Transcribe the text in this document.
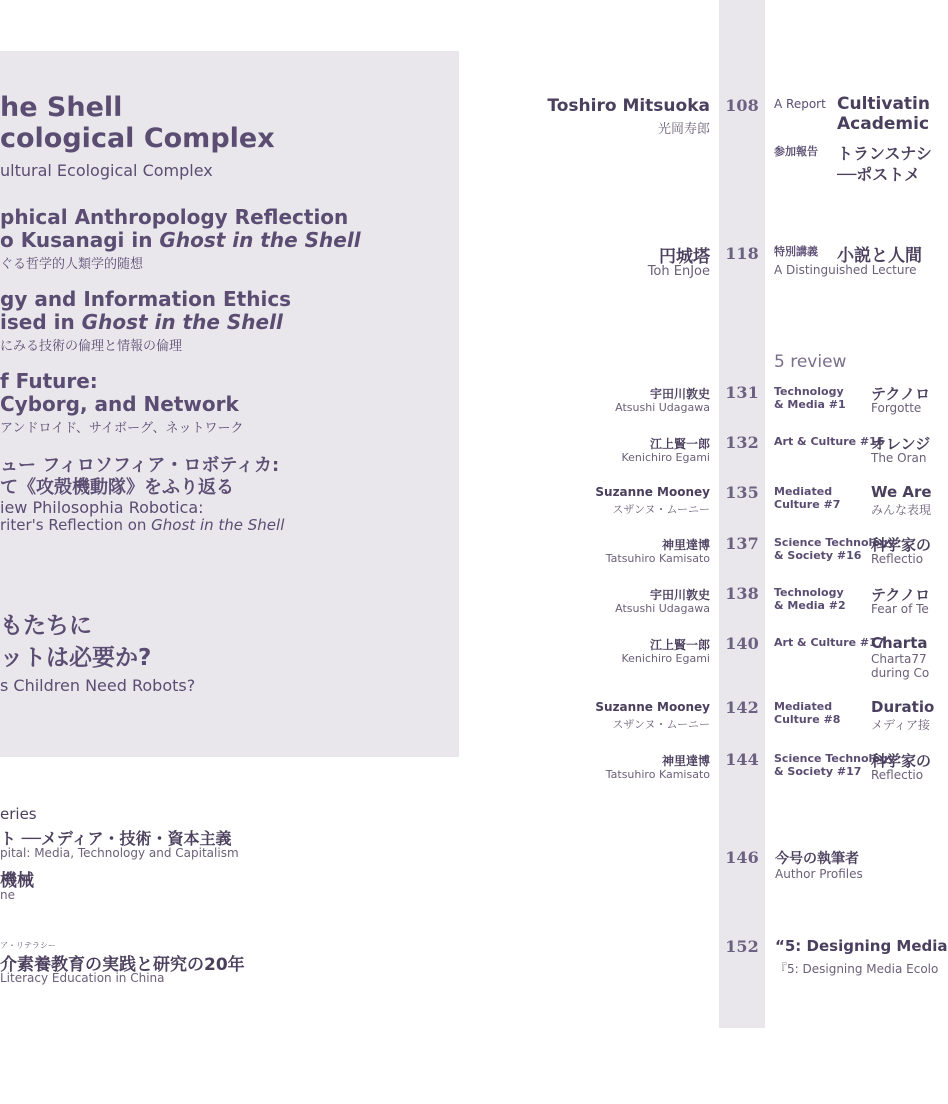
he Shell
cological Complex
ultural Ecological Complex
phical Anthropology Reflection
o Kusanagi in Ghost in the Shell
ぐる哲学的人類学的随想
gy and Information Ethics
ised in Ghost in the Shell
にみる技術の倫理と情報の倫理
f Future:
Cyborg, and Network
アンドロイド、サイボーグ、ネットワーク
ュー フィロソフィア・ロボティカ:
て《攻殻機動隊》をふり返る
iew Philosophia Robotica:
riter's Reflection on Ghost in the Shell
もたちに
ットは必要か?
s Children Need Robots?
eries
ト ──メディア・技術・資本主義
pital: Media, Technology and Capitalism
機械
ne
ア・リテラシー
介素養教育の実践と研究の20年
Literacy Education in China
Toshiro Mitsuoka
光岡寿郎
108 A Report Cultivatin
Academic
参加報告 トランスナシ
──ポストメ
円城塔
Toh EnJoe
118 特別講義 小説と人間
A Distinguished Lecture
5 review
宇田川敦史
Atsushi Udagawa
131 Technology
& Media #1
テクノロ
Forgotte
江上賢一郎
Kenichiro Egami
132 Art & Culture #16
オレンジ
The Oran
Suzanne Mooney
スザンヌ・ムーニー
135 Mediated
Culture #7
We Are
みんな表現
神里達博
Tatsuhiro Kamisato
137 Science Technology
& Society #16
科学家の
Reflectio
宇田川敦史
Atsushi Udagawa
138 Technology
& Media #2
テクノロ
Fear of Te
江上賢一郎
Kenichiro Egami
140 Art & Culture #17
Charta
Charta77
during Co
Suzanne Mooney
スザンヌ・ムーニー
142 Mediated
Culture #8
Duratio
メディア接
神里達博
Tatsuhiro Kamisato
144 Science Technology
& Society #17
科学家の
Reflectio
146 今号の執筆者
Author Profiles
152 “5: Designing Media
『5: Designing Media Ecolo
